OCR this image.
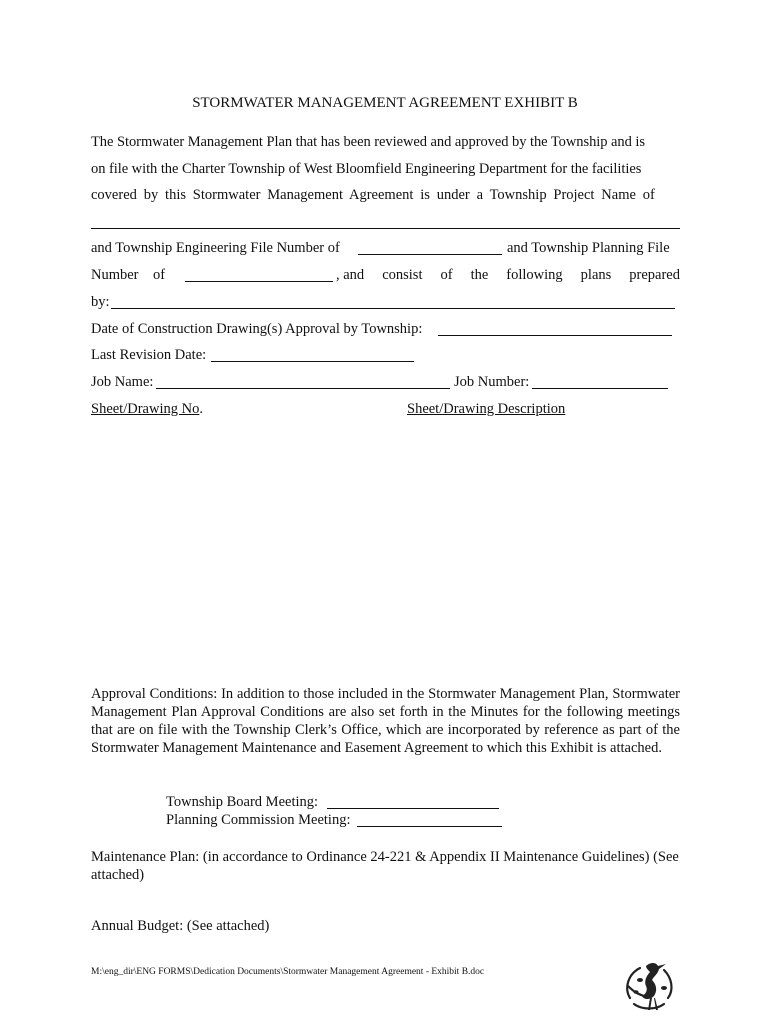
STORMWATER MANAGEMENT AGREEMENT EXHIBIT B
The Stormwater Management Plan that has been reviewed and approved by the Township and is
on file with the Charter Township of West Bloomfield Engineering Department for the facilities
covered by this Stormwater Management Agreement is under a Township Project Name of
and Township Engineering File Number of	and Township Planning File
Number of	, and consist of the following plans prepared
by:
Date of Construction Drawing(s) Approval by Township:
Last Revision Date:
Job Name:	Job Number:
Sheet/Drawing No.	Sheet/Drawing Description
Approval Conditions: In addition to those included in the Stormwater Management Plan, Stormwater Management Plan Approval Conditions are also set forth in the Minutes for the following meetings that are on file with the Township Clerk’s Office, which are incorporated by reference as part of the Stormwater Management Maintenance and Easement Agreement to which this Exhibit is attached.
Township Board Meeting:
Planning Commission Meeting:
Maintenance Plan: (in accordance to Ordinance 24-221 & Appendix II Maintenance Guidelines) (See attached)
Annual Budget: (See attached)
M:\eng_dir\ENG FORMS\Dedication Documents\Stormwater Management Agreement - Exhibit B.doc
